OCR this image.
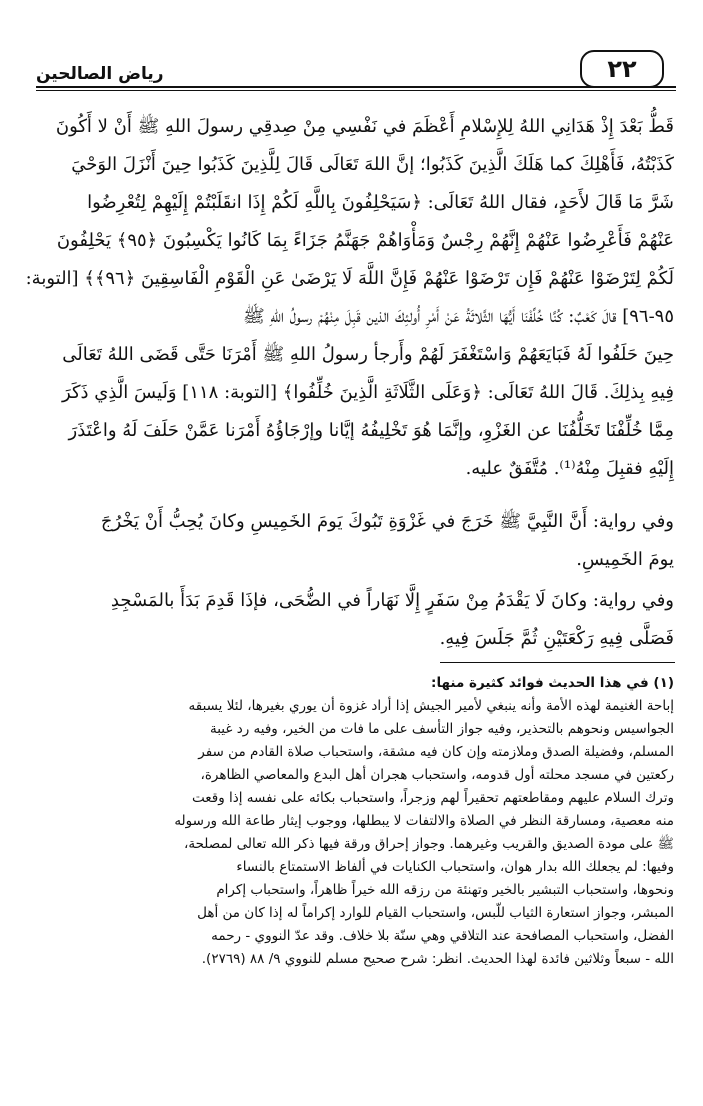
رياض الصالحين	٢٢
قَطُّ بَعْدَ إِذْ هَدَانِي اللهُ لِلإِسْلامِ أَعْظَمَ في نَفْسِي مِنْ صِدقِي رسولَ اللهِ ﷺ أَنْ لا أَكُونَ
كَذَبْتُهُ، فَأَهْلِكَ كما هَلَكَ الَّذِينَ كَذَبُوا؛ إنَّ اللهَ تَعَالَى قَالَ لِلَّذِينَ كَذَبُوا حِينَ أَنْزَلَ الوَحْيَ
شَرَّ مَا قَالَ لأَحَدٍ، فقال اللهُ تَعَالَى: ﴿سَيَحْلِفُونَ بِاللَّهِ لَكُمْ إِذَا انقَلَبْتُمْ إِلَيْهِمْ لِتُعْرِضُوا
عَنْهُمْ فَأَعْرِضُوا عَنْهُمْ إِنَّهُمْ رِجْسٌ وَمَأْوَاهُمْ جَهَنَّمُ جَزَاءً بِمَا كَانُوا يَكْسِبُونَ ﴿٩٥﴾ يَحْلِفُونَ
لَكُمْ لِتَرْضَوْا عَنْهُمْ فَإِن تَرْضَوْا عَنْهُمْ فَإِنَّ اللَّهَ لَا يَرْضَىٰ عَنِ الْقَوْمِ الْفَاسِقِينَ ﴿٩٦﴾﴾ [التوبة:
٩٥-٩٦] قالَ كَعْبٌ: كُنَّا خُلِّفْنَا أَيُّهَا الثَّلاثَةُ عَنْ أَمْرِ أُولئِكَ الذين قَبِلَ مِنْهُمْ رسولُ اللهِ ﷺ
حِينَ حَلَفُوا لَهُ فَبَايَعَهُمْ وَاسْتَغْفَرَ لَهُمْ وأَرجأ رسولُ اللهِ ﷺ أَمْرَنَا حَتَّى قَضَى اللهُ تَعَالَى
فِيهِ بِذلِكَ. قَالَ اللهُ تَعَالَى: ﴿وَعَلَى الثَّلَاثَةِ الَّذِينَ خُلِّفُوا﴾ [التوبة: ١١٨] وَلَيسَ الَّذِي ذَكَرَ
مِمَّا خُلِّفْنَا تَخَلُّفُنَا عن الغَزْوِ، وإنَّمَا هُوَ تَخْلِيفُهُ إيَّانا وإرْجَاؤُهُ أَمْرَنا عَمَّنْ حَلَفَ لَهُ واعْتَذَرَ
إِلَيْهِ فقبِلَ مِنْهُ⁽¹⁾. مُتَّفَقٌ عليه.
وفي رواية: أَنَّ النَّبِيَّ ﷺ خَرَجَ في غَزْوَةِ تَبُوكَ يَومَ الخَمِيسِ وكانَ يُحِبُّ أَنْ يَخْرُجَ
يومَ الخَمِيسِ.
وفي رواية: وكانَ لَا يَقْدَمُ مِنْ سَفَرٍ إِلَّا نَهَاراً في الضُّحَى، فإذَا قَدِمَ بَدَأَ بالمَسْجِدِ
فَصَلَّى فِيهِ رَكْعَتَيْنِ ثُمَّ جَلَسَ فِيهِ.
(١) في هذا الحديث فوائد كثيرة منها:
إباحة الغنيمة لهذه الأمة وأنه ينبغي لأمير الجيش إذا أراد غزوة أن يوري بغيرها، لئلا يسبقه
الجواسيس ونحوهم بالتحذير، وفيه جواز التأسف على ما فات من الخير، وفيه رد غيبة
المسلم، وفضيلة الصدق وملازمته وإن كان فيه مشقة، واستحباب صلاة القادم من سفر
ركعتين في مسجد محلته أول قدومه، واستحباب هجران أهل البدع والمعاصي الظاهرة،
وترك السلام عليهم ومقاطعتهم تحقيراً لهم وزجراً، واستحباب بكائه على نفسه إذا وقعت
منه معصية، ومسارقة النظر في الصلاة والالتفات لا يبطلها، ووجوب إيثار طاعة الله ورسوله
ﷺ على مودة الصديق والقريب وغيرهما. وجواز إحراق ورقة فيها ذكر الله تعالى لمصلحة،
وفيها: لم يجعلك الله بدار هوان، واستحباب الكنايات في ألفاظ الاستمتاع بالنساء
ونحوها، واستحباب التبشير بالخير وتهنئة من رزقه الله خيراً ظاهراً، واستحباب إكرام
المبشر، وجواز استعارة الثياب للّبس، واستحباب القيام للوارد إكراماً له إذا كان من أهل
الفضل، واستحباب المصافحة عند التلاقي وهي سنّة بلا خلاف. وقد عدّ النووي - رحمه
الله - سبعاً وثلاثين فائدة لهذا الحديث. انظر: شرح صحيح مسلم للنووي ٩/ ٨٨ (٢٧٦٩).
